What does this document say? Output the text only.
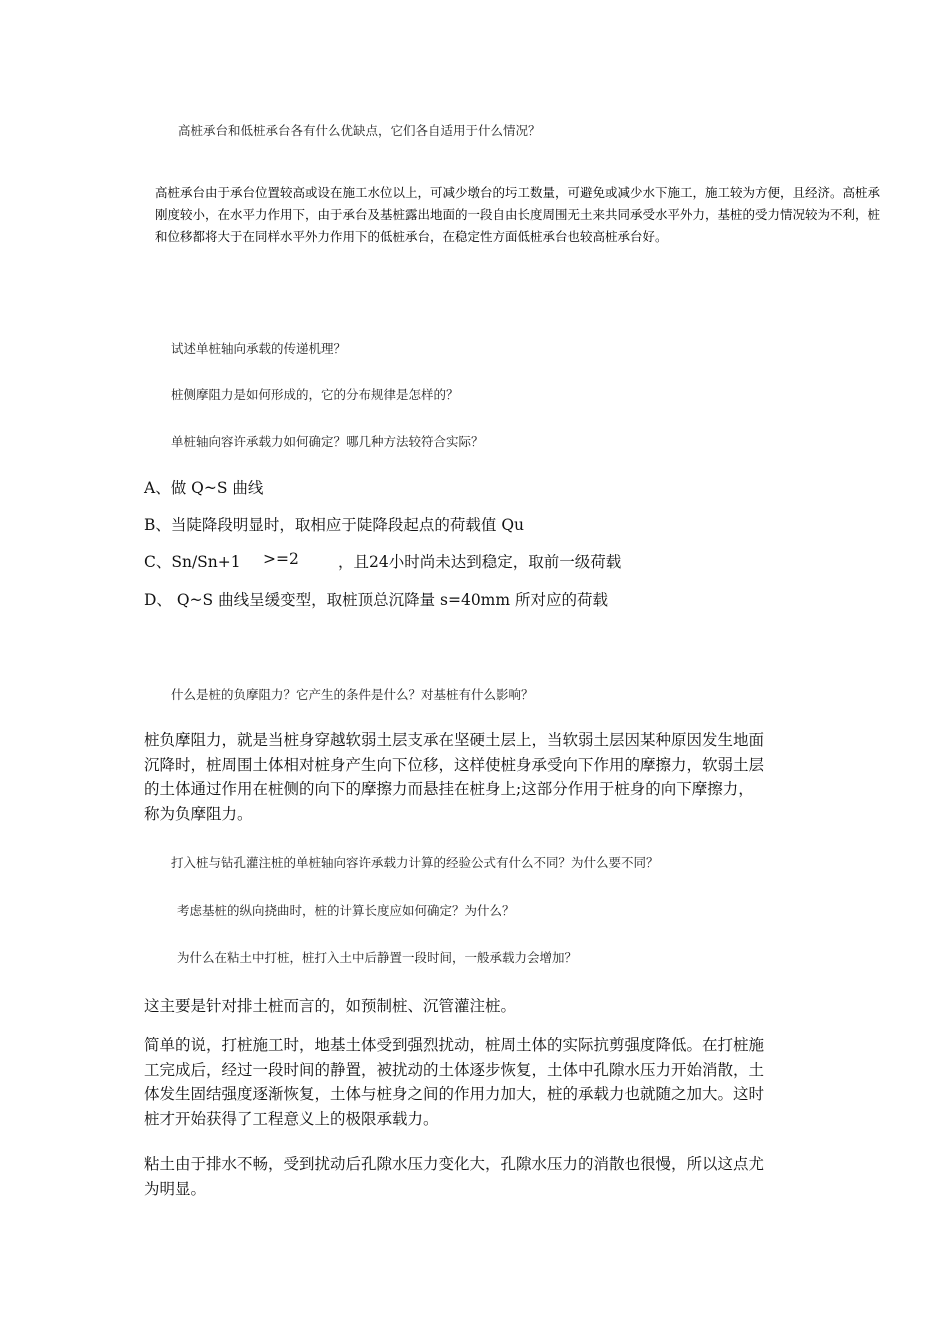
高桩承台和低桩承台各有什么优缺点，它们各自适用于什么情况？
高桩承台由于承台位置较高或设在施工水位以上，可减少墩台的圬工数量，可避免或减少水下施工，施工较为方便，且经济。高桩承
刚度较小，在水平力作用下，由于承台及基桩露出地面的一段自由长度周围无土来共同承受水平外力，基桩的受力情况较为不利，桩
和位移都将大于在同样水平外力作用下的低桩承台，在稳定性方面低桩承台也较高桩承台好。
试述单桩轴向承载的传递机理？
桩侧摩阻力是如何形成的，它的分布规律是怎样的？
单桩轴向容许承载力如何确定？哪几种方法较符合实际？
A、做 Q~S 曲线
B、当陡降段明显时，取相应于陡降段起点的荷载值 Qu
C、Sn/Sn+1 >=2	，且24小时尚未达到稳定，取前一级荷载
D、 Q~S 曲线呈缓变型，取桩顶总沉降量 s=40mm 所对应的荷载
什么是桩的负摩阻力？它产生的条件是什么？对基桩有什么影响？
桩负摩阻力，就是当桩身穿越软弱土层支承在坚硬土层上，当软弱土层因某种原因发生地面
沉降时，桩周围土体相对桩身产生向下位移，这样使桩身承受向下作用的摩擦力，软弱土层
的土体通过作用在桩侧的向下的摩擦力而悬挂在桩身上;这部分作用于桩身的向下摩擦力，
称为负摩阻力。
打入桩与钻孔灌注桩的单桩轴向容许承载力计算的经验公式有什么不同？为什么要不同？
考虑基桩的纵向挠曲时，桩的计算长度应如何确定？为什么？
为什么在粘土中打桩，桩打入土中后静置一段时间，一般承载力会增加？
这主要是针对排土桩而言的，如预制桩、沉管灌注桩。
简单的说，打桩施工时，地基土体受到强烈扰动，桩周土体的实际抗剪强度降低。在打桩施
工完成后，经过一段时间的静置，被扰动的土体逐步恢复，土体中孔隙水压力开始消散，土
体发生固结强度逐渐恢复，土体与桩身之间的作用力加大，桩的承载力也就随之加大。这时
桩才开始获得了工程意义上的极限承载力。
粘土由于排水不畅，受到扰动后孔隙水压力变化大，孔隙水压力的消散也很慢，所以这点尤
为明显。
